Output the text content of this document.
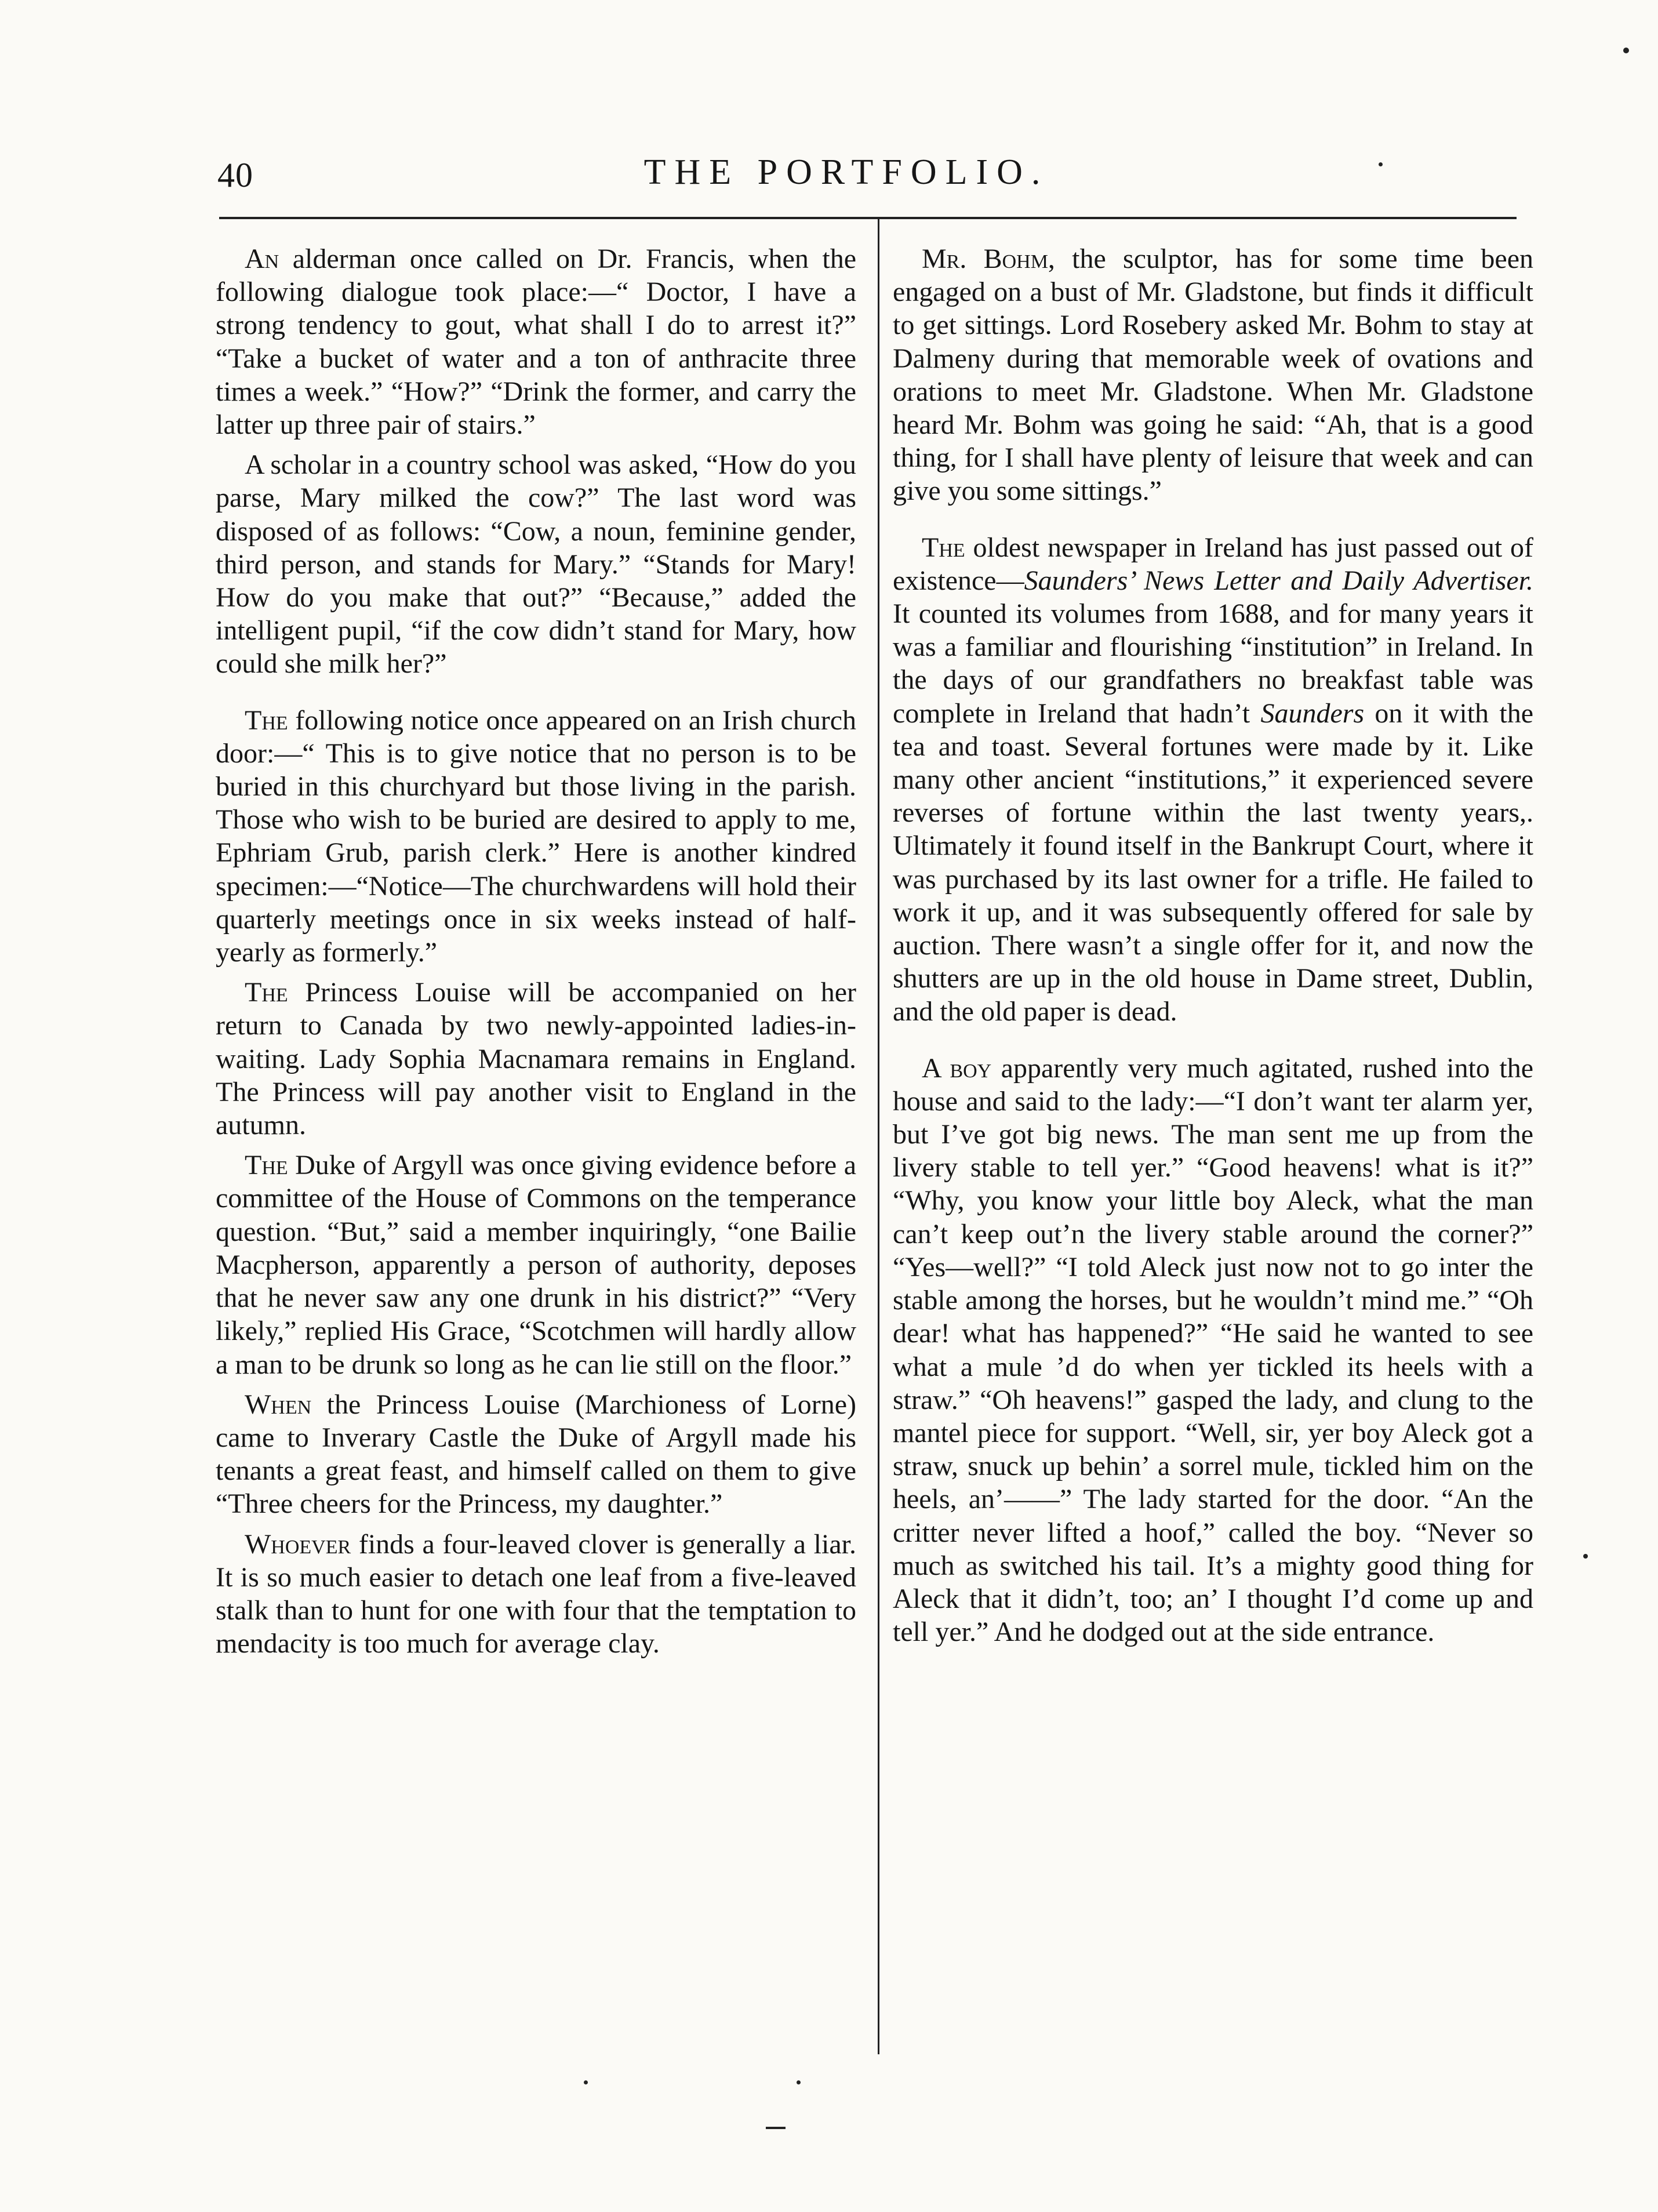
40	THE PORTFOLIO.

An alderman once called on Dr. Francis, when the following dialogue took place:—“ Doctor, I have a strong tendency to gout, what shall I do to arrest it?” “Take a bucket of water and a ton of anthracite three times a week.” “How?” “Drink the former, and carry the latter up three pair of stairs.”

A scholar in a country school was asked, “How do you parse, Mary milked the cow?” The last word was disposed of as follows: “Cow, a noun, feminine gender, third person, and stands for Mary.” “Stands for Mary! How do you make that out?” “Because,” added the intelligent pupil, “if the cow didn’t stand for Mary, how could she milk her?”

The following notice once appeared on an Irish church door:—“ This is to give notice that no person is to be buried in this churchyard but those living in the parish. Those who wish to be buried are desired to apply to me, Ephriam Grub, parish clerk.” Here is another kindred specimen:—“Notice—The churchwardens will hold their quarterly meetings once in six weeks instead of half-yearly as formerly.”

The Princess Louise will be accompanied on her return to Canada by two newly-appointed ladies-in-waiting. Lady Sophia Macnamara remains in England. The Princess will pay another visit to England in the autumn.

The Duke of Argyll was once giving evidence before a committee of the House of Commons on the temperance question. “But,” said a member inquiringly, “one Bailie Macpherson, apparently a person of authority, deposes that he never saw any one drunk in his district?” “Very likely,” replied His Grace, “Scotchmen will hardly allow a man to be drunk so long as he can lie still on the floor.”

When the Princess Louise (Marchioness of Lorne) came to Inverary Castle the Duke of Argyll made his tenants a great feast, and himself called on them to give “Three cheers for the Princess, my daughter.”

Whoever finds a four-leaved clover is generally a liar. It is so much easier to detach one leaf from a five-leaved stalk than to hunt for one with four that the temptation to mendacity is too much for average clay.

Mr. Bohm, the sculptor, has for some time been engaged on a bust of Mr. Gladstone, but finds it difficult to get sittings. Lord Rosebery asked Mr. Bohm to stay at Dalmeny during that memorable week of ovations and orations to meet Mr. Gladstone. When Mr. Gladstone heard Mr. Bohm was going he said: “Ah, that is a good thing, for I shall have plenty of leisure that week and can give you some sittings.”

The oldest newspaper in Ireland has just passed out of existence—Saunders’ News Letter and Daily Advertiser. It counted its volumes from 1688, and for many years it was a familiar and flourishing “institution” in Ireland. In the days of our grandfathers no breakfast table was complete in Ireland that hadn’t Saunders on it with the tea and toast. Several fortunes were made by it. Like many other ancient “institutions,” it experienced severe reverses of fortune within the last twenty years,. Ultimately it found itself in the Bankrupt Court, where it was purchased by its last owner for a trifle. He failed to work it up, and it was subsequently offered for sale by auction. There wasn’t a single offer for it, and now the shutters are up in the old house in Dame street, Dublin, and the old paper is dead.

A boy apparently very much agitated, rushed into the house and said to the lady:—“I don’t want ter alarm yer, but I’ve got big news. The man sent me up from the livery stable to tell yer.” “Good heavens! what is it?” “Why, you know your little boy Aleck, what the man can’t keep out’n the livery stable around the corner?” “Yes—well?” “I told Aleck just now not to go inter the stable among the horses, but he wouldn’t mind me.” “Oh dear! what has happened?” “He said he wanted to see what a mule ’d do when yer tickled its heels with a straw.” “Oh heavens!” gasped the lady, and clung to the mantel piece for support. “Well, sir, yer boy Aleck got a straw, snuck up behin’ a sorrel mule, tickled him on the heels, an’——” The lady started for the door. “An the critter never lifted a hoof,” called the boy. “Never so much as switched his tail. It’s a mighty good thing for Aleck that it didn’t, too; an’ I thought I’d come up and tell yer.” And he dodged out at the side entrance.
